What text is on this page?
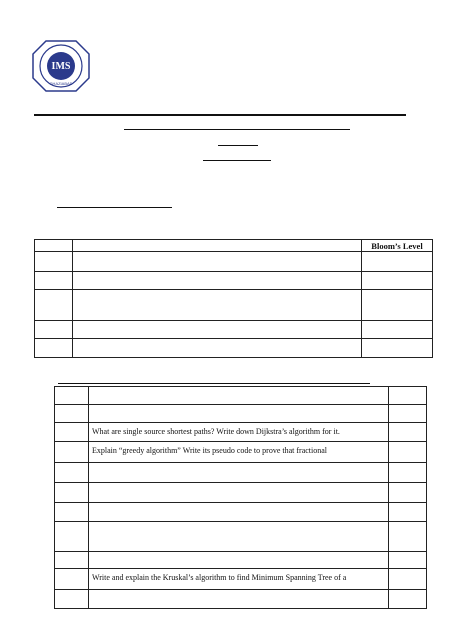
IMS
GHAZIABAD
		Bloom’s Level

	What are single source shortest paths? Write down Dijkstra’s algorithm for it.	
	Explain “greedy algorithm” Write its pseudo code to prove that fractional	

	Write and explain the Kruskal’s algorithm to find Minimum Spanning Tree of a	
